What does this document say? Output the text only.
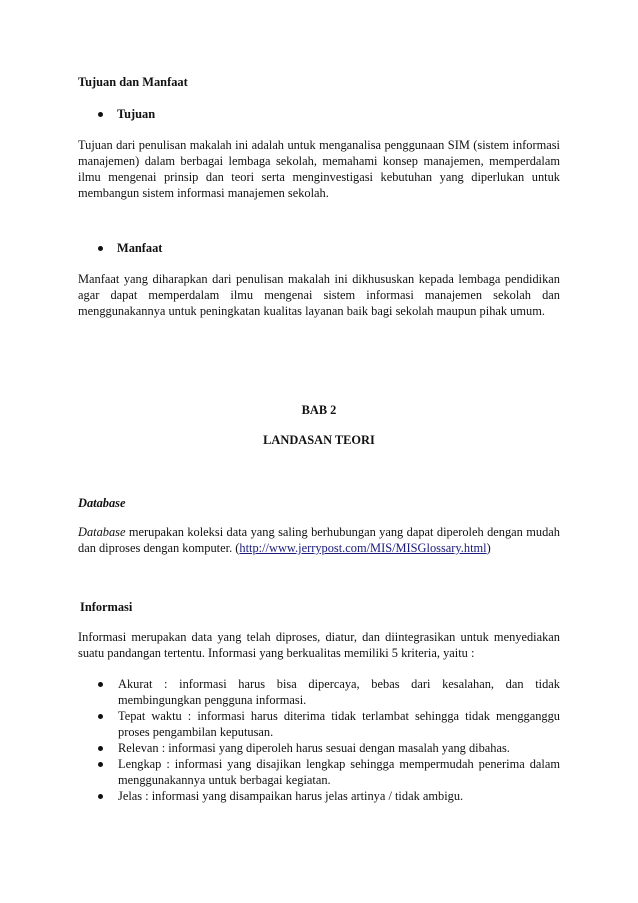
Tujuan dan Manfaat
Tujuan

Tujuan dari penulisan makalah ini adalah untuk menganalisa penggunaan SIM (sistem informasi manajemen) dalam berbagai lembaga sekolah, memahami konsep manajemen, memperdalam ilmu mengenai prinsip dan teori serta menginvestigasi kebutuhan yang diperlukan untuk membangun sistem informasi manajemen sekolah.

Manfaat

Manfaat yang diharapkan dari penulisan makalah ini dikhususkan kepada lembaga pendidikan agar dapat memperdalam ilmu mengenai sistem informasi manajemen sekolah dan menggunakannya untuk peningkatan kualitas layanan baik bagi sekolah maupun pihak umum.

BAB 2
LANDASAN TEORI
Database

Database merupakan koleksi data yang saling berhubungan yang dapat diperoleh dengan mudah dan diproses dengan komputer. (http://www.jerrypost.com/MIS/MISGlossary.html)

Informasi

Informasi merupakan data yang telah diproses, diatur, dan diintegrasikan untuk menyediakan suatu pandangan tertentu. Informasi yang berkualitas memiliki 5 kriteria, yaitu :

Akurat : informasi harus bisa dipercaya, bebas dari kesalahan, dan tidak membingungkan pengguna informasi.
Tepat waktu : informasi harus diterima tidak terlambat sehingga tidak mengganggu proses pengambilan keputusan.
Relevan : informasi yang diperoleh harus sesuai dengan masalah yang dibahas.
Lengkap : informasi yang disajikan lengkap sehingga mempermudah penerima dalam menggunakannya untuk berbagai kegiatan.
Jelas : informasi yang disampaikan harus jelas artinya / tidak ambigu.
